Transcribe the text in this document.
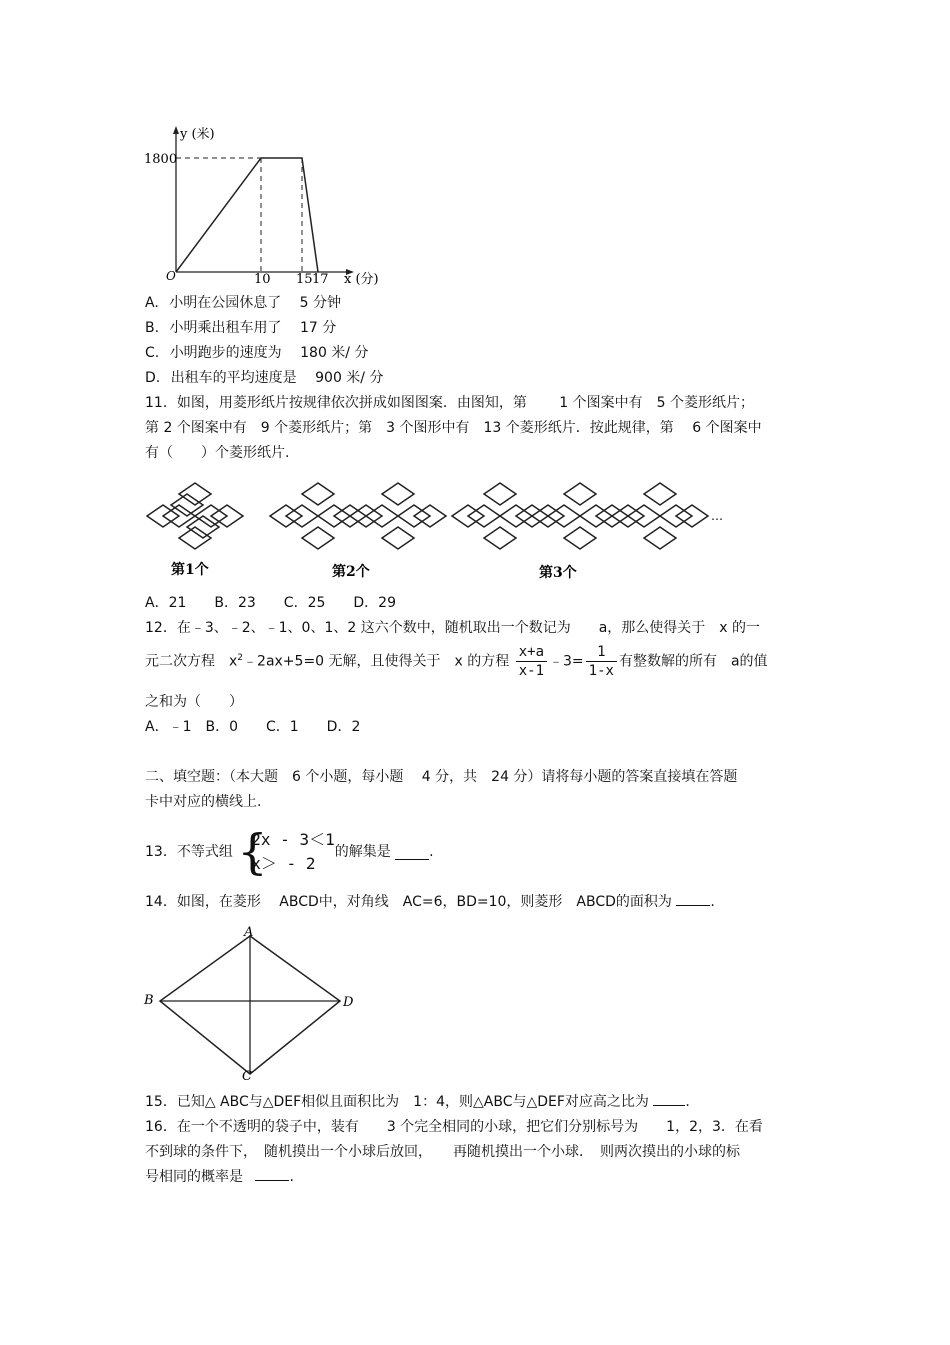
y (米)
1800
O	10 15 17 x (分)
A. 小明在公园休息了　 5 分钟
B. 小明乘出租车用了　 17 分
C. 小明跑步的速度为　 180 米/ 分
D. 出租车的平均速度是　 900 米/ 分
11．如图，用菱形纸片按规律依次拼成如图图案．由图知，第　　 1 个图案中有　5 个菱形纸片；
第 2 个图案中有　9 个菱形纸片；第　3 个图形中有　13 个菱形纸片．按此规律，第　 6 个图案中
有（　　）个菱形纸片.
…
第1个	第2个	第3个
A．21　　B．23　　C．25　　D．29
12．在﹣3、﹣2、﹣1、0、1、2 这六个数中，随机取出一个数记为　　a，那么使得关于　x 的一
元二次方程　$x^2﹣2ax+5=0$ 无解，且使得关于　x 的方程 $\frac{x+a}{x-1}$ ﹣3= $\frac{1}{1-x}$ 有整数解的所有　a的值
之和为（　　）
A．﹣1　B．0　　C．1　　D．2
二、填空题：（本大题　6 个小题，每小题　 4 分，共　24 分）请将每小题的答案直接填在答题
卡中对应的横线上.
13．不等式组 {
2x - 3＜1
x＞ - 2
的解集是	.
14．如图，在菱形　 ABCD中，对角线　AC=6，BD=10，则菱形　ABCD的面积为	.
A
B
C
D
15．已知△ ABC与△DEF相似且面积比为　1：4，则△ABC与△DEF对应高之比为	.
16．在一个不透明的袋子中，装有　　3 个完全相同的小球，把它们分别标号为　　1，2，3．在看
不到球的条件下，　随机摸出一个小球后放回，　　再随机摸出一个小球．　则两次摸出的小球的标
号相同的概率是	.
